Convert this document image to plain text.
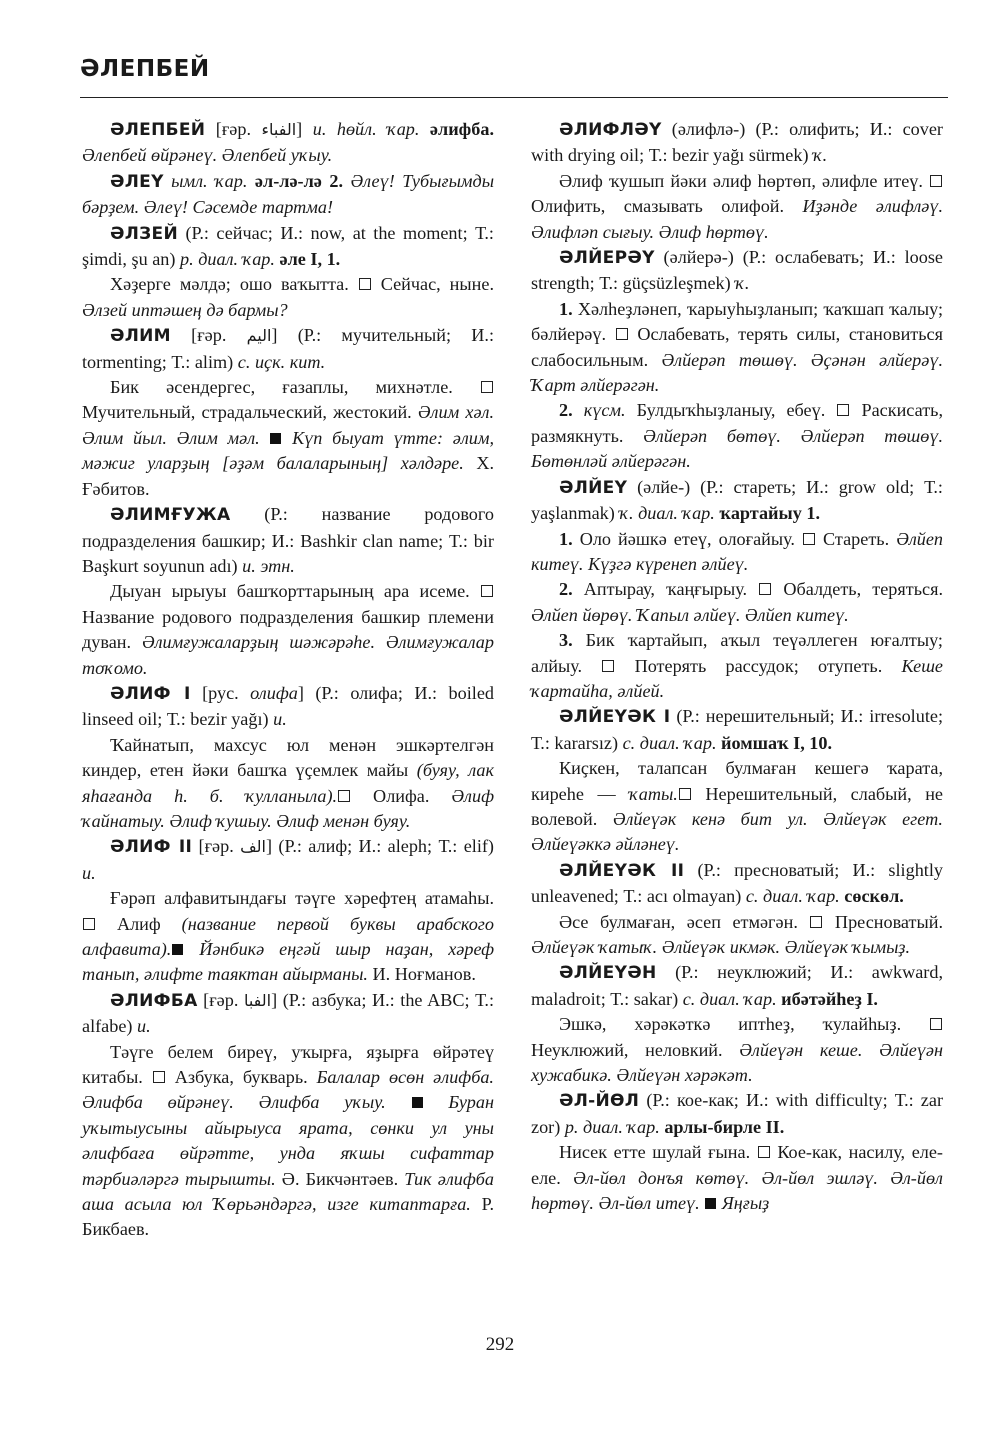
ӘЛЕПБЕЙ

ӘЛЕПБЕЙ [ғәр. الفباء] и. һөйл. ҡар. әлифба. Әлепбей өйрәнеү. Әлепбей уҡыу.

ӘЛЕҮ ымл. ҡар. әл-лә-лә 2. Әлеү! Тубығымды бәрҙем. Әлеү! Сәсемде тартма!

ӘЛЗЕЙ (Р.: сейчас; И.: now, at the moment; Т.: şimdi, şu an) р. диал. ҡар. әле I, 1.

Хәҙерге мәлдә; ошо ваҡытта.  Сейчас, ныне. Әлзей иптәшең дә бармы?

ӘЛИМ [ғәр. اليم] (Р.: мучительный; И.: tormenting; Т.: alim) с. иҫк. кит.

Бик әсендергес, ғазаплы, михнәтле.  Мучительный, страдальческий, жестокий. Әлим хәл. Әлим йыл. Әлим мәл.  Күп быуат үтте: әлим, мәжиг уларҙың [әҙәм балаларының] хәлдәре. Х. Ғәбитов.

ӘЛИМҒУЖА (Р.: название родового подразделения башкир; И.: Bashkir clan name; Т.: bir Başkurt soyunun adı) и. этн.

Дыуан ырыуы башҡорттарының ара исеме.  Название родового подразделения башкир племени дуван. Әлимғужаларҙың шәжәрәһе. Әлимғужалар тоҡомо.

ӘЛИФ I [рус. олифа] (Р.: олифа; И.: boiled linseed oil; Т.: bezir yağı) и.

Ҡайнатып, махсус юл менән эшкәртелгән киндер, етен йәки башҡа үҫемлек майы (буяу, лак яһағанда һ. б. ҡулланыла). Олифа. Әлиф ҡайнатыу. Әлиф ҡушыу. Әлиф менән буяу.

ӘЛИФ II [ғәр. الف] (Р.: алиф; И.: aleph; Т.: elif) и.

Ғәрәп алфавитындағы тәүге хәрефтең атамаһы.  Алиф (название первой буквы арабского алфавита). Йәнбикә еңгәй шыр наҙан, хәреф танып, әлифте таяктан айырманы. И. Ноғманов.

ӘЛИФБА [ғәр. الفبا] (Р.: азбука; И.: the ABC; Т.: alfabe) и.

Тәүге белем биреү, уҡырға, яҙырға өйрәтеү китабы.  Азбука, букварь. Балалар өсөн әлифба. Әлифба өйрәнеү. Әлифба уҡыу.  Буран уҡытыусыны айырыуса ярата, сөнки ул уны әлифбаға өйрәтте, унда яҡшы сифаттар тәрбиәләргә тырышты. Ә. Бикчәнтәев. Тик әлифба аша асыла юл Ҡөрьәндәргә, изге китаптарға. Р. Бикбаев.

ӘЛИФЛӘҮ (әлифлә-) (Р.: олифить; И.: cover with drying oil; Т.: bezir yağı sürmek) ҡ.

Әлиф ҡушып йәки әлиф һөртөп, әлифле итеү.  Олифить, смазывать олифой. Иҙәнде әлифләү. Әлифләп сығыу. Әлиф һөртөү.

ӘЛЙЕРӘҮ (әлйерә-) (Р.: ослабевать; И.: loose strength; Т.: güçsüzleşmek) ҡ.

1. Хәлһеҙләнеп, ҡарыуһыҙланып; ҡаҡшап ҡалыу; бәлйерәү.  Ослабевать, терять силы, становиться слабосильным. Әлйерәп төшөү. Әҫәнән әлйерәү. Ҡарт әлйерәгән.

2. күсм. Булдыҡһыҙланыу, ебеү.  Раскисать, размякнуть. Әлйерәп бөтөү. Әлйерәп төшөү. Бөтөнләй әлйерәгән.

ӘЛЙЕҮ (әлйе-) (Р.: стареть; И.: grow old; Т.: yaşlanmak) ҡ. диал. ҡар. ҡартайыу 1.

1. Оло йәшкә етеү, олоғайыу.  Стареть. Әлйеп китеү. Күҙгә күренеп әлйеү.

2. Аптырау, ҡаңғырыу.  Обалдеть, теряться. Әлйеп йөрөү. Ҡапыл әлйеү. Әлйеп китеү.

3. Бик ҡартайып, аҡыл теүәллеген юғалтыу; алйыу.  Потерять рассудок; отупеть. Кеше ҡартайһа, әлйей.

ӘЛЙЕҮӘК I (Р.: нерешительный; И.: irresolute; Т.: kararsız) с. диал. ҡар. йомшаҡ I, 10.

Киҫкен, талапсан булмаған кешегә ҡарата, киреһе — ҡаты. Нерешительный, слабый, не волевой. Әлйеүәк кенә бит ул. Әлйеүәк егет. Әлйеүәккә әйләнеү.

ӘЛЙЕҮӘК II (Р.: пресноватый; И.: slightly unleavened; Т.: acı olmayan) с. диал. ҡар. сөскөл.

Әсе булмаған, әсеп етмәгән.  Пресноватый. Әлйеүәк ҡатыҡ. Әлйеүәк икмәк. Әлйеүәк ҡымыҙ.

ӘЛЙЕҮӘН (Р.: неуклюжий; И.: awkward, maladroit; Т.: sakar) с. диал. ҡар. ибәтәйһеҙ I.

Эшкә, хәрәкәткә иптһеҙ, ҡулайһыҙ.  Неуклюжий, неловкий. Әлйеүән кеше. Әлйеүән хужабикә. Әлйеүән хәрәкәт.

ӘЛ-ЙӨЛ (Р.: кое-как; И.: with difficulty; Т.: zar zor) р. диал. ҡар. арлы-бирле II.

Нисек етте шулай ғына.  Кое-как, насилу, еле-еле. Әл-йөл донъя көтөү. Әл-йөл эшләү. Әл-йөл һөртөү. Әл-йөл итеү.  Яңғыҙ

292
